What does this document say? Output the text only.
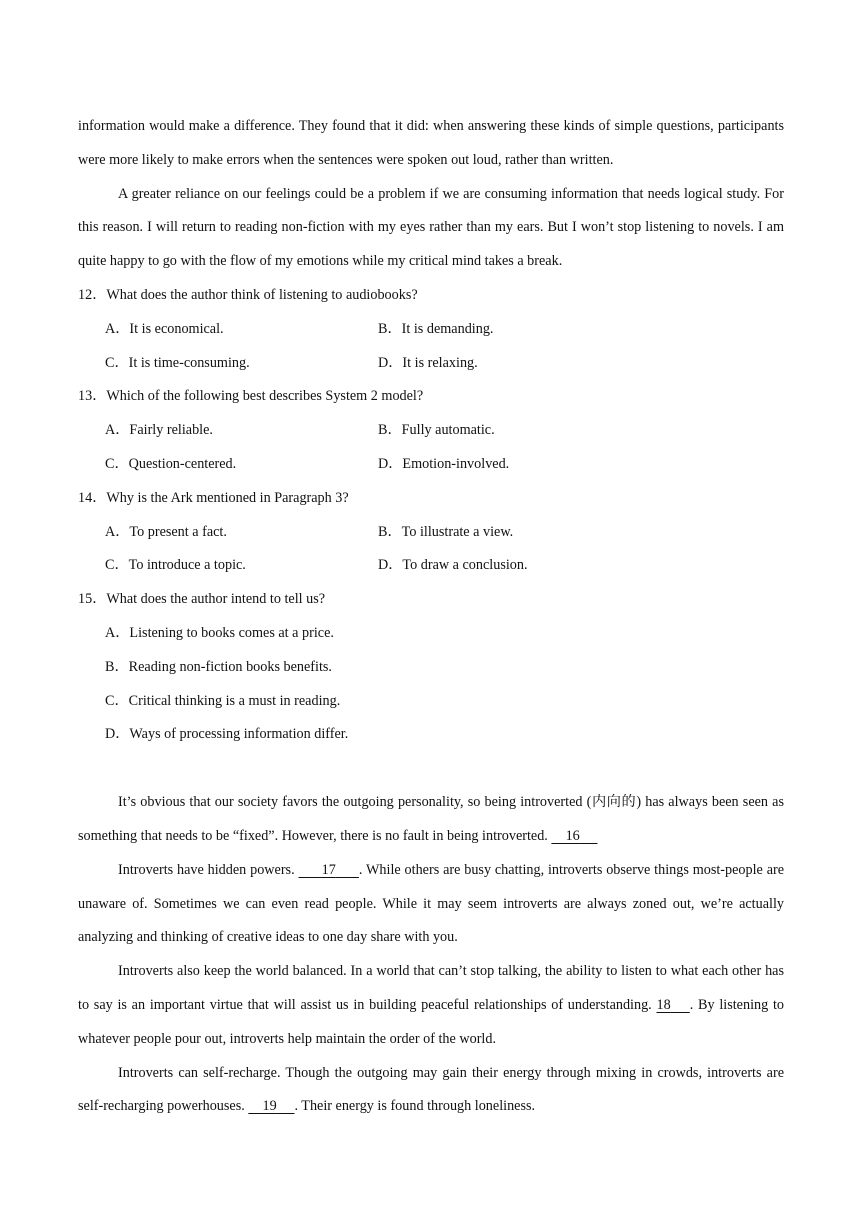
information would make a difference. They found that it did: when answering these kinds of simple questions, participants were more likely to make errors when the sentences were spoken out loud, rather than written.

A greater reliance on our feelings could be a problem if we are consuming information that needs logical study. For this reason. I will return to reading non-fiction with my eyes rather than my ears. But I won’t stop listening to novels. I am quite happy to go with the flow of my emotions while my critical mind takes a break.

12．What does the author think of listening to audiobooks?

A．It is economical.	B．It is demanding.
C．It is time-consuming.	D．It is relaxing.

13．Which of the following best describes System 2 model?

A．Fairly reliable.	B．Fully automatic.
C．Question-centered.	D．Emotion-involved.

14．Why is the Ark mentioned in Paragraph 3?

A．To present a fact.	B．To illustrate a view.
C．To introduce a topic.	D．To draw a conclusion.

15．What does the author intend to tell us?

A．Listening to books comes at a price.

B．Reading non-fiction books benefits.

C．Critical thinking is a must in reading.

D．Ways of processing information differ.

It’s obvious that our society favors the outgoing personality, so being introverted (内向的) has always been seen as something that needs to be “fixed”. However, there is no fault in being introverted. 16

Introverts have hidden powers. 17 . While others are busy chatting, introverts observe things most-people are unaware of. Sometimes we can even read people. While it may seem introverts are always zoned out, we’re actually analyzing and thinking of creative ideas to one day share with you.

Introverts also keep the world balanced. In a world that can’t stop talking, the ability to listen to what each other has to say is an important virtue that will assist us in building peaceful relationships of understanding. 18 . By listening to whatever people pour out, introverts help maintain the order of the world.

Introverts can self-recharge. Though the outgoing may gain their energy through mixing in crowds, introverts are self-recharging powerhouses. 19 . Their energy is found through loneliness.
